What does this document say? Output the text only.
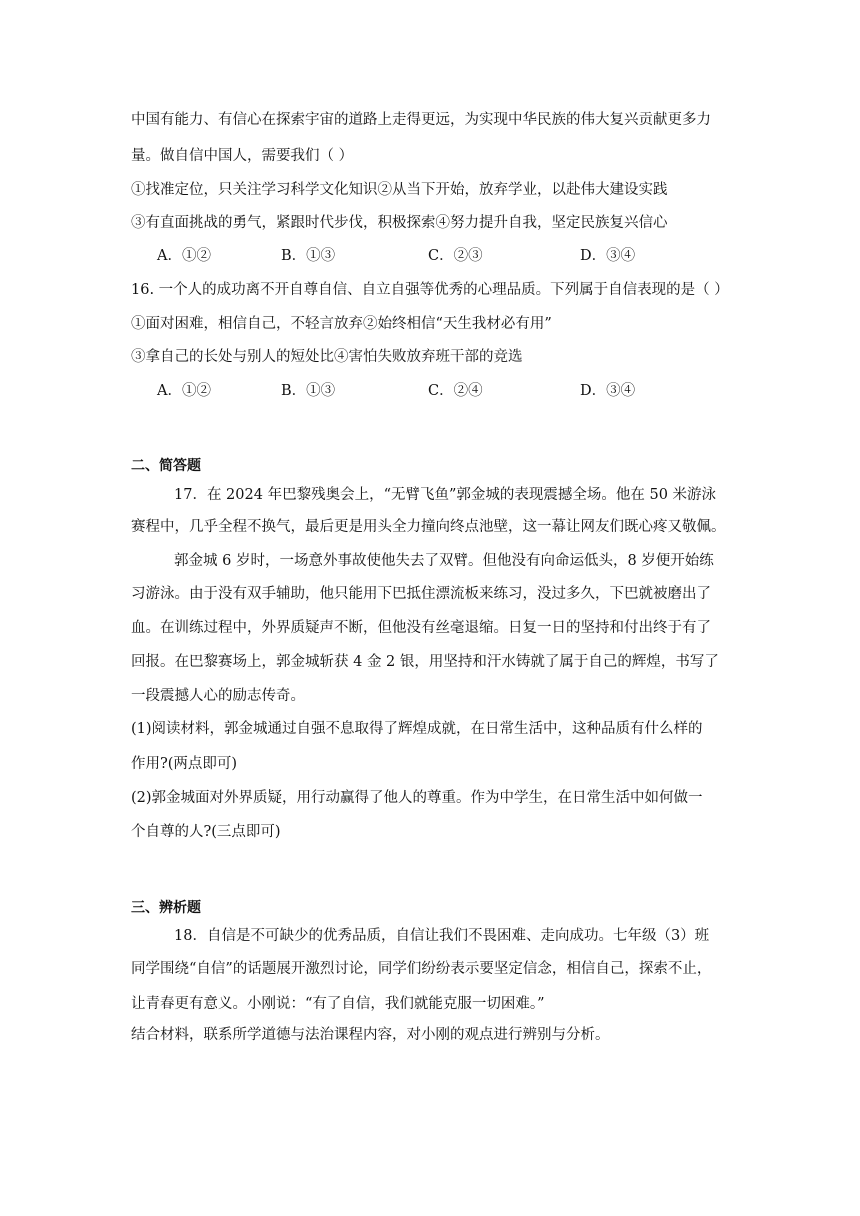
中国有能力、有信心在探索宇宙的道路上走得更远，为实现中华民族的伟大复兴贡献更多力
量。做自信中国人，需要我们（ ）
①找准定位，只关注学习科学文化知识②从当下开始，放弃学业，以赴伟大建设实践
③有直面挑战的勇气，紧跟时代步伐，积极探索④努力提升自我，坚定民族复兴信心
A．①②	B．①③	C．②③	D．③④
16. 一个人的成功离不开自尊自信、自立自强等优秀的心理品质。下列属于自信表现的是（ ）
①面对困难，相信自己，不轻言放弃②始终相信“天生我材必有用”
③拿自己的长处与别人的短处比④害怕失败放弃班干部的竞选
A．①②	B．①③	C．②④	D．③④
二、简答题
17．在 2024 年巴黎残奥会上，“无臂飞鱼”郭金城的表现震撼全场。他在 50 米游泳
赛程中，几乎全程不换气，最后更是用头全力撞向终点池壁，这一幕让网友们既心疼又敬佩。
郭金城 6 岁时，一场意外事故使他失去了双臂。但他没有向命运低头，8 岁便开始练
习游泳。由于没有双手辅助，他只能用下巴抵住漂流板来练习，没过多久，下巴就被磨出了
血。在训练过程中，外界质疑声不断，但他没有丝毫退缩。日复一日的坚持和付出终于有了
回报。在巴黎赛场上，郭金城斩获 4 金 2 银，用坚持和汗水铸就了属于自己的辉煌，书写了
一段震撼人心的励志传奇。
(1)阅读材料，郭金城通过自强不息取得了辉煌成就，在日常生活中，这种品质有什么样的
作用?(两点即可)
(2)郭金城面对外界质疑，用行动赢得了他人的尊重。作为中学生，在日常生活中如何做一
个自尊的人?(三点即可)
三、辨析题
18．自信是不可缺少的优秀品质，自信让我们不畏困难、走向成功。七年级（3）班
同学围绕“自信”的话题展开激烈讨论，同学们纷纷表示要坚定信念，相信自己，探索不止，
让青春更有意义。小刚说：“有了自信，我们就能克服一切困难。”
结合材料，联系所学道德与法治课程内容，对小刚的观点进行辨别与分析。
